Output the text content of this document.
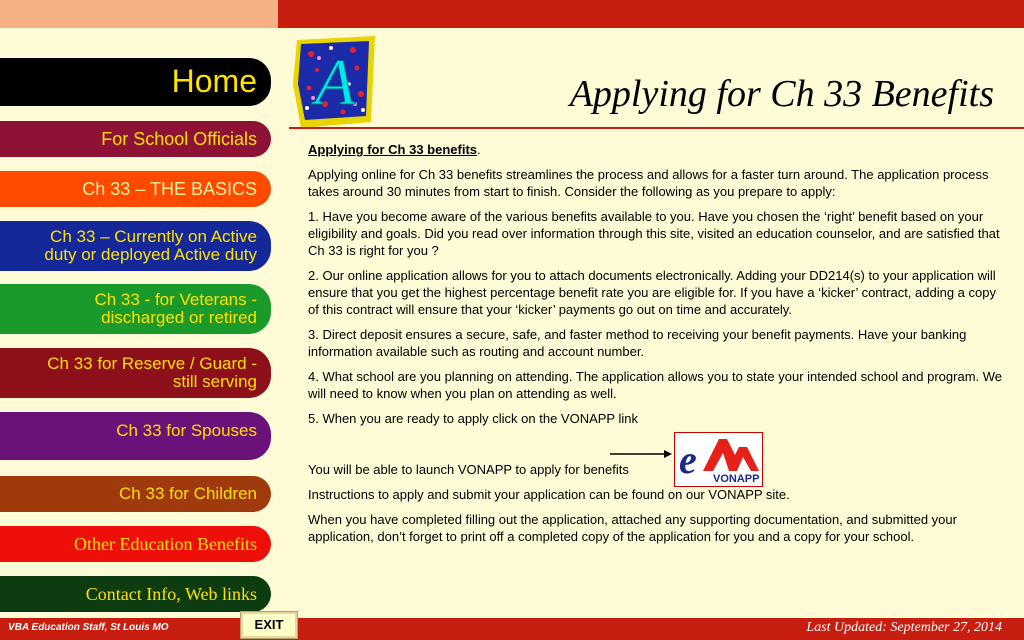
Home
For School Officials
Ch 33 – THE BASICS
Ch 33 – Currently on Active
duty or deployed Active duty
Ch 33 - for Veterans -
discharged or retired
Ch 33 for Reserve / Guard -
still serving
Ch 33 for Spouses
Ch 33 for Children
Other Education Benefits
Contact Info, Web links
A	Applying for Ch 33 Benefits

Applying for Ch 33 benefits.

Applying online for Ch 33 benefits streamlines the process and allows for a faster turn around. The application process takes around 30 minutes from start to finish. Consider the following as you prepare to apply:

1. Have you become aware of the various benefits available to you. Have you chosen the ‘right’ benefit based on your eligibility and goals. Did you read over information through this site, visited an education counselor, and are satisfied that Ch 33 is right for you ?

2. Our online application allows for you to attach documents electronically. Adding your DD214(s) to your application will ensure that you get the highest percentage benefit rate you are eligible for. If you have a ‘kicker’ contract, adding a copy of this contract will ensure that your ‘kicker’ payments go out on time and accurately.

3. Direct deposit ensures a secure, safe, and faster method to receiving your benefit payments. Have your banking information available such as routing and account number.

4. What school are you planning on attending. The application allows you to state your intended school and program. We will need to know when you plan on attending as well.

5. When you are ready to apply click on the VONAPP link

You will be able to launch VONAPP to apply for benefits

Instructions to apply and submit your application can be found on our VONAPP site.

When you have completed filling out the application, attached any supporting documentation, and submitted your application, don’t forget to print off a completed copy of the application for you and a copy for your school.

e VONAPP
VBA Education Staff, St Louis MO	EXIT	Last Updated: September 27, 2014
